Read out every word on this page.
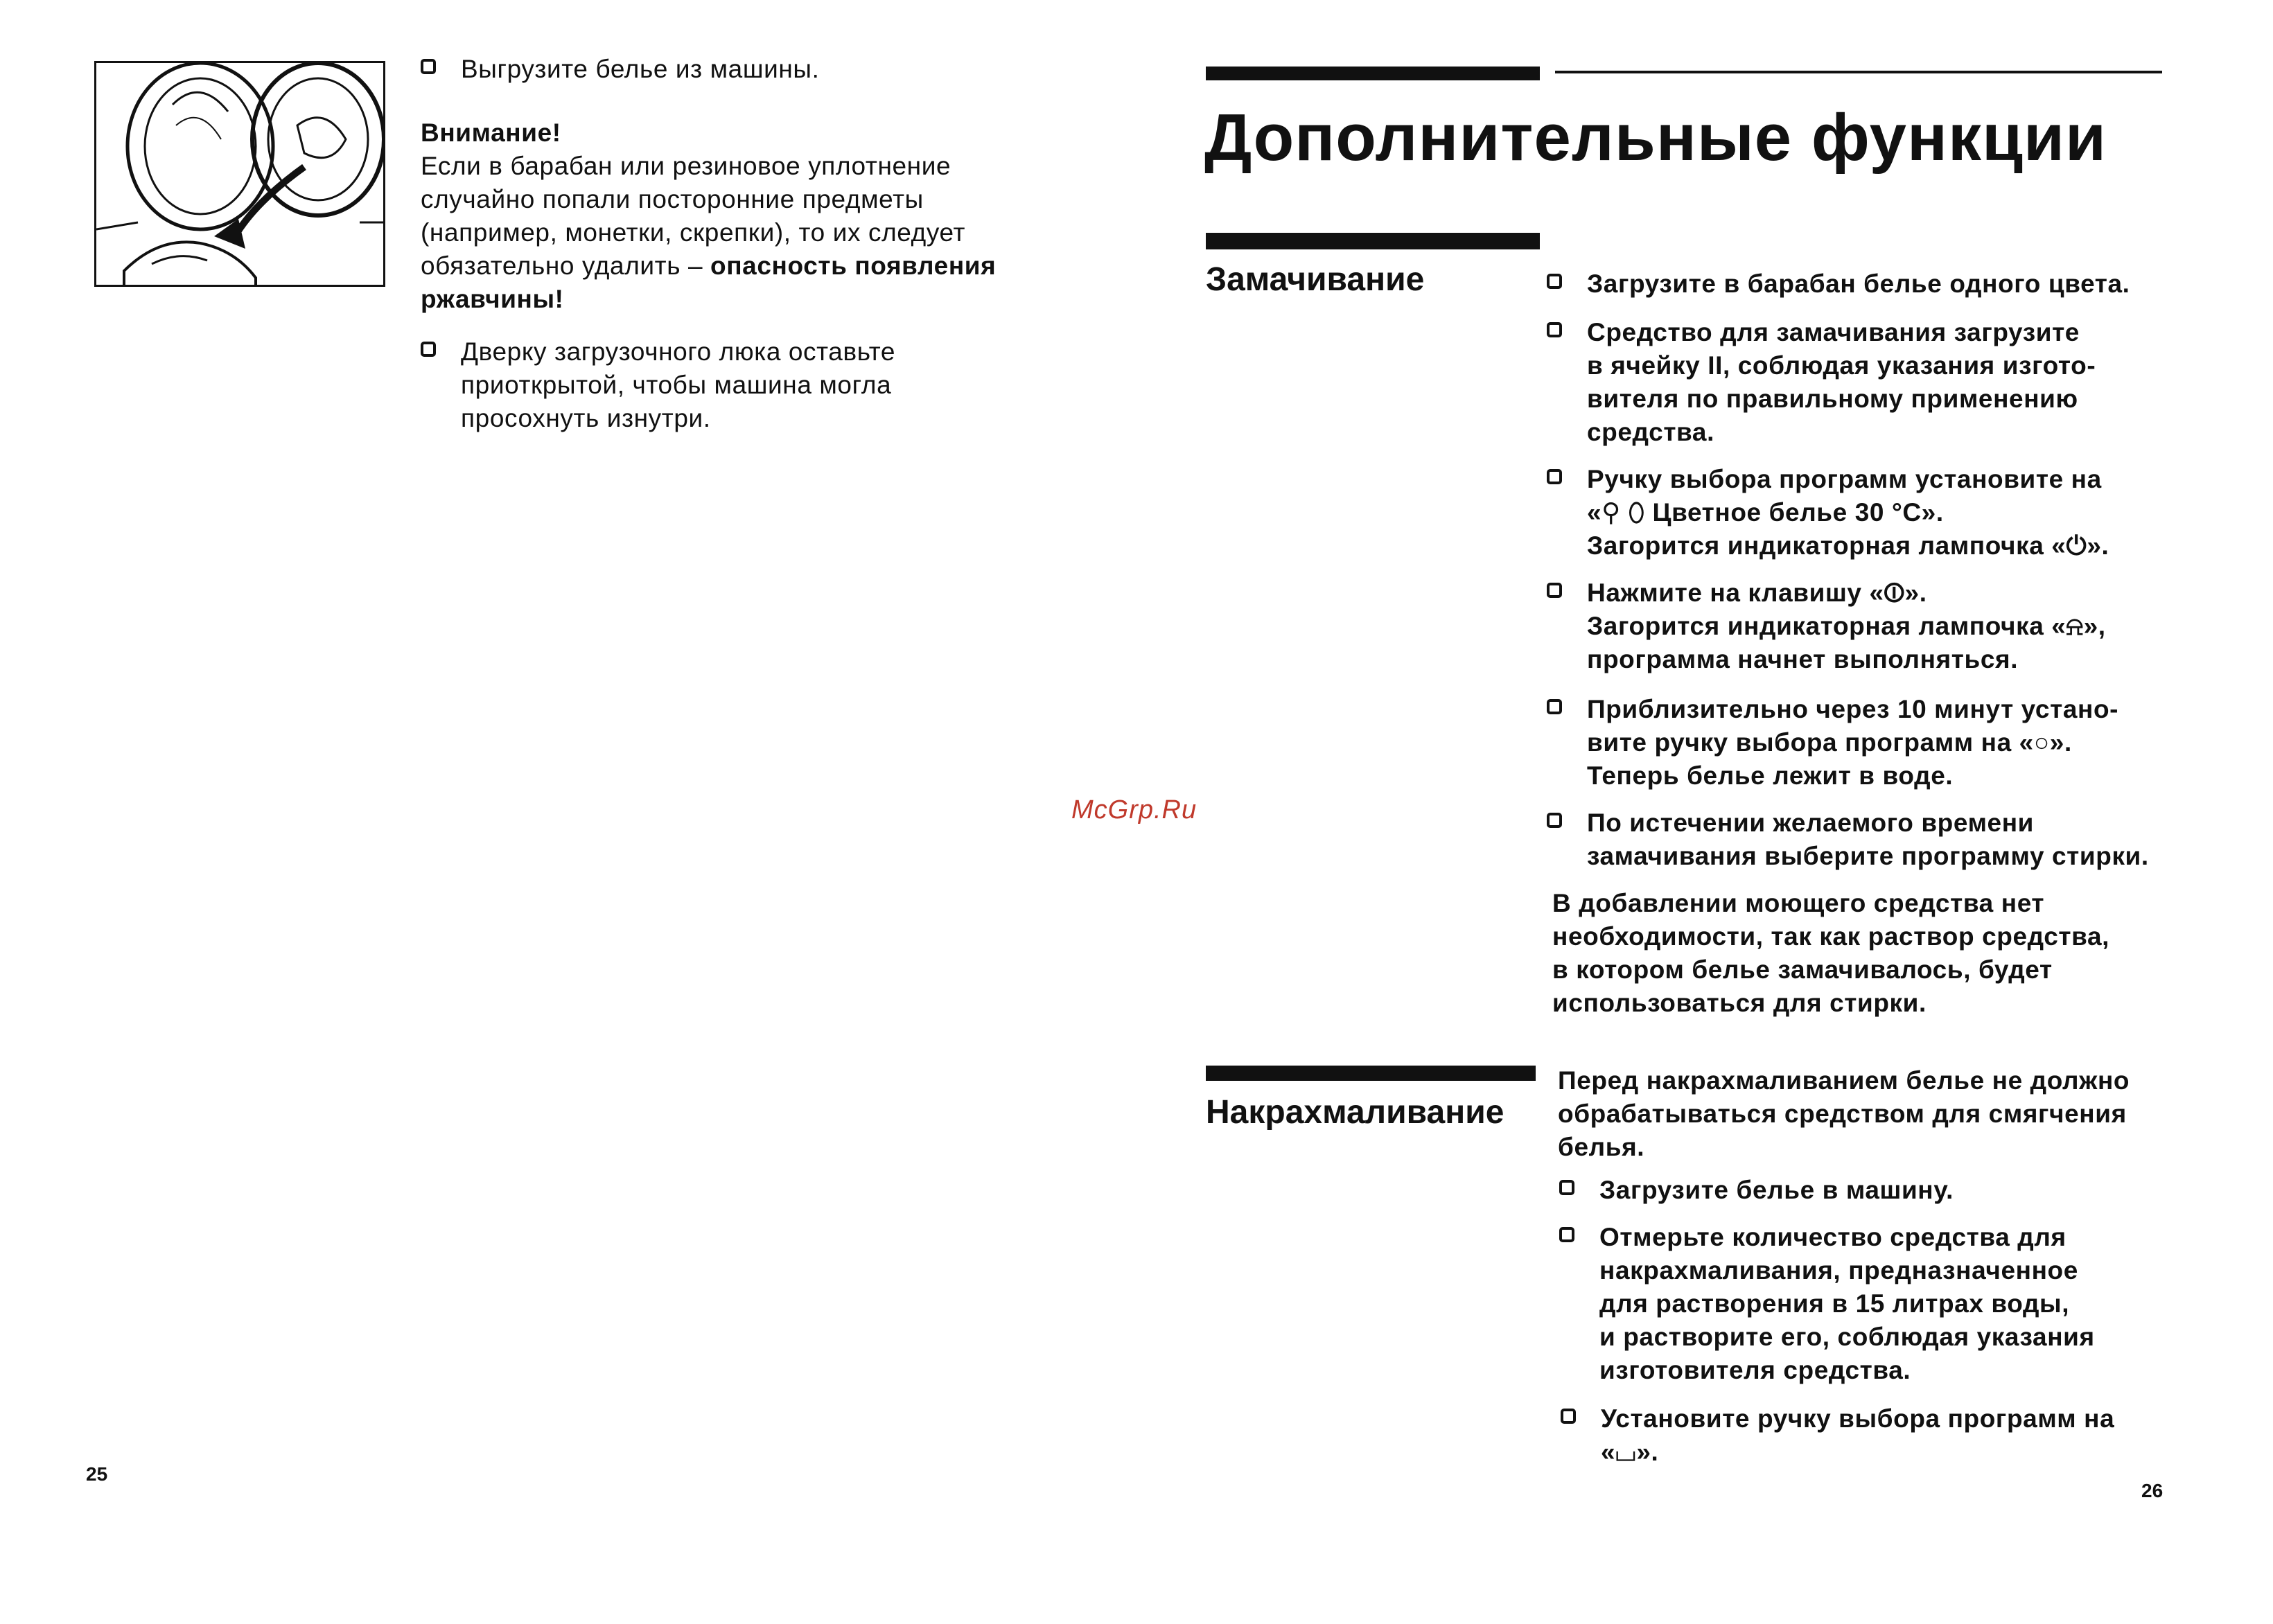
Выгрузите белье из машины.
Внимание!
Если в барабан или резиновое уплотнение
случайно попали посторонние предметы
(например, монетки, скрепки), то их следует
обязательно удалить – опасность появления
ржавчины!
Дверку загрузочного люка оставьте
приоткрытой, чтобы машина могла
просохнуть изнутри.
25
McGrp.Ru
Дополнительные функции
Замачивание	Загрузите в барабан белье одного цвета.
Средство для замачивания загрузите
в ячейку II, соблюдая указания изгото-
вителя по правильному применению
средства.
Ручку выбора программ установите на
«⚲ ⬯ Цветное белье 30 °С».
Загорится индикаторная лампочка «⏻».
Нажмите на клавишу «⏼».
Загорится индикаторная лампочка «⍾»,
программа начнет выполняться.
Приблизительно через 10 минут устано-
вите ручку выбора программ на «○».
Теперь белье лежит в воде.
По истечении желаемого времени
замачивания выберите программу стирки.
В добавлении моющего средства нет
необходимости, так как раствор средства,
в котором белье замачивалось, будет
использоваться для стирки.
Накрахмаливание
Перед накрахмаливанием белье не должно
обрабатываться средством для смягчения
белья.
Загрузите белье в машину.
Отмерьте количество средства для
накрахмаливания, предназначенное
для растворения в 15 литрах воды,
и растворите его, соблюдая указания
изготовителя средства.
Установите ручку выбора программ на
«⌴».
26
